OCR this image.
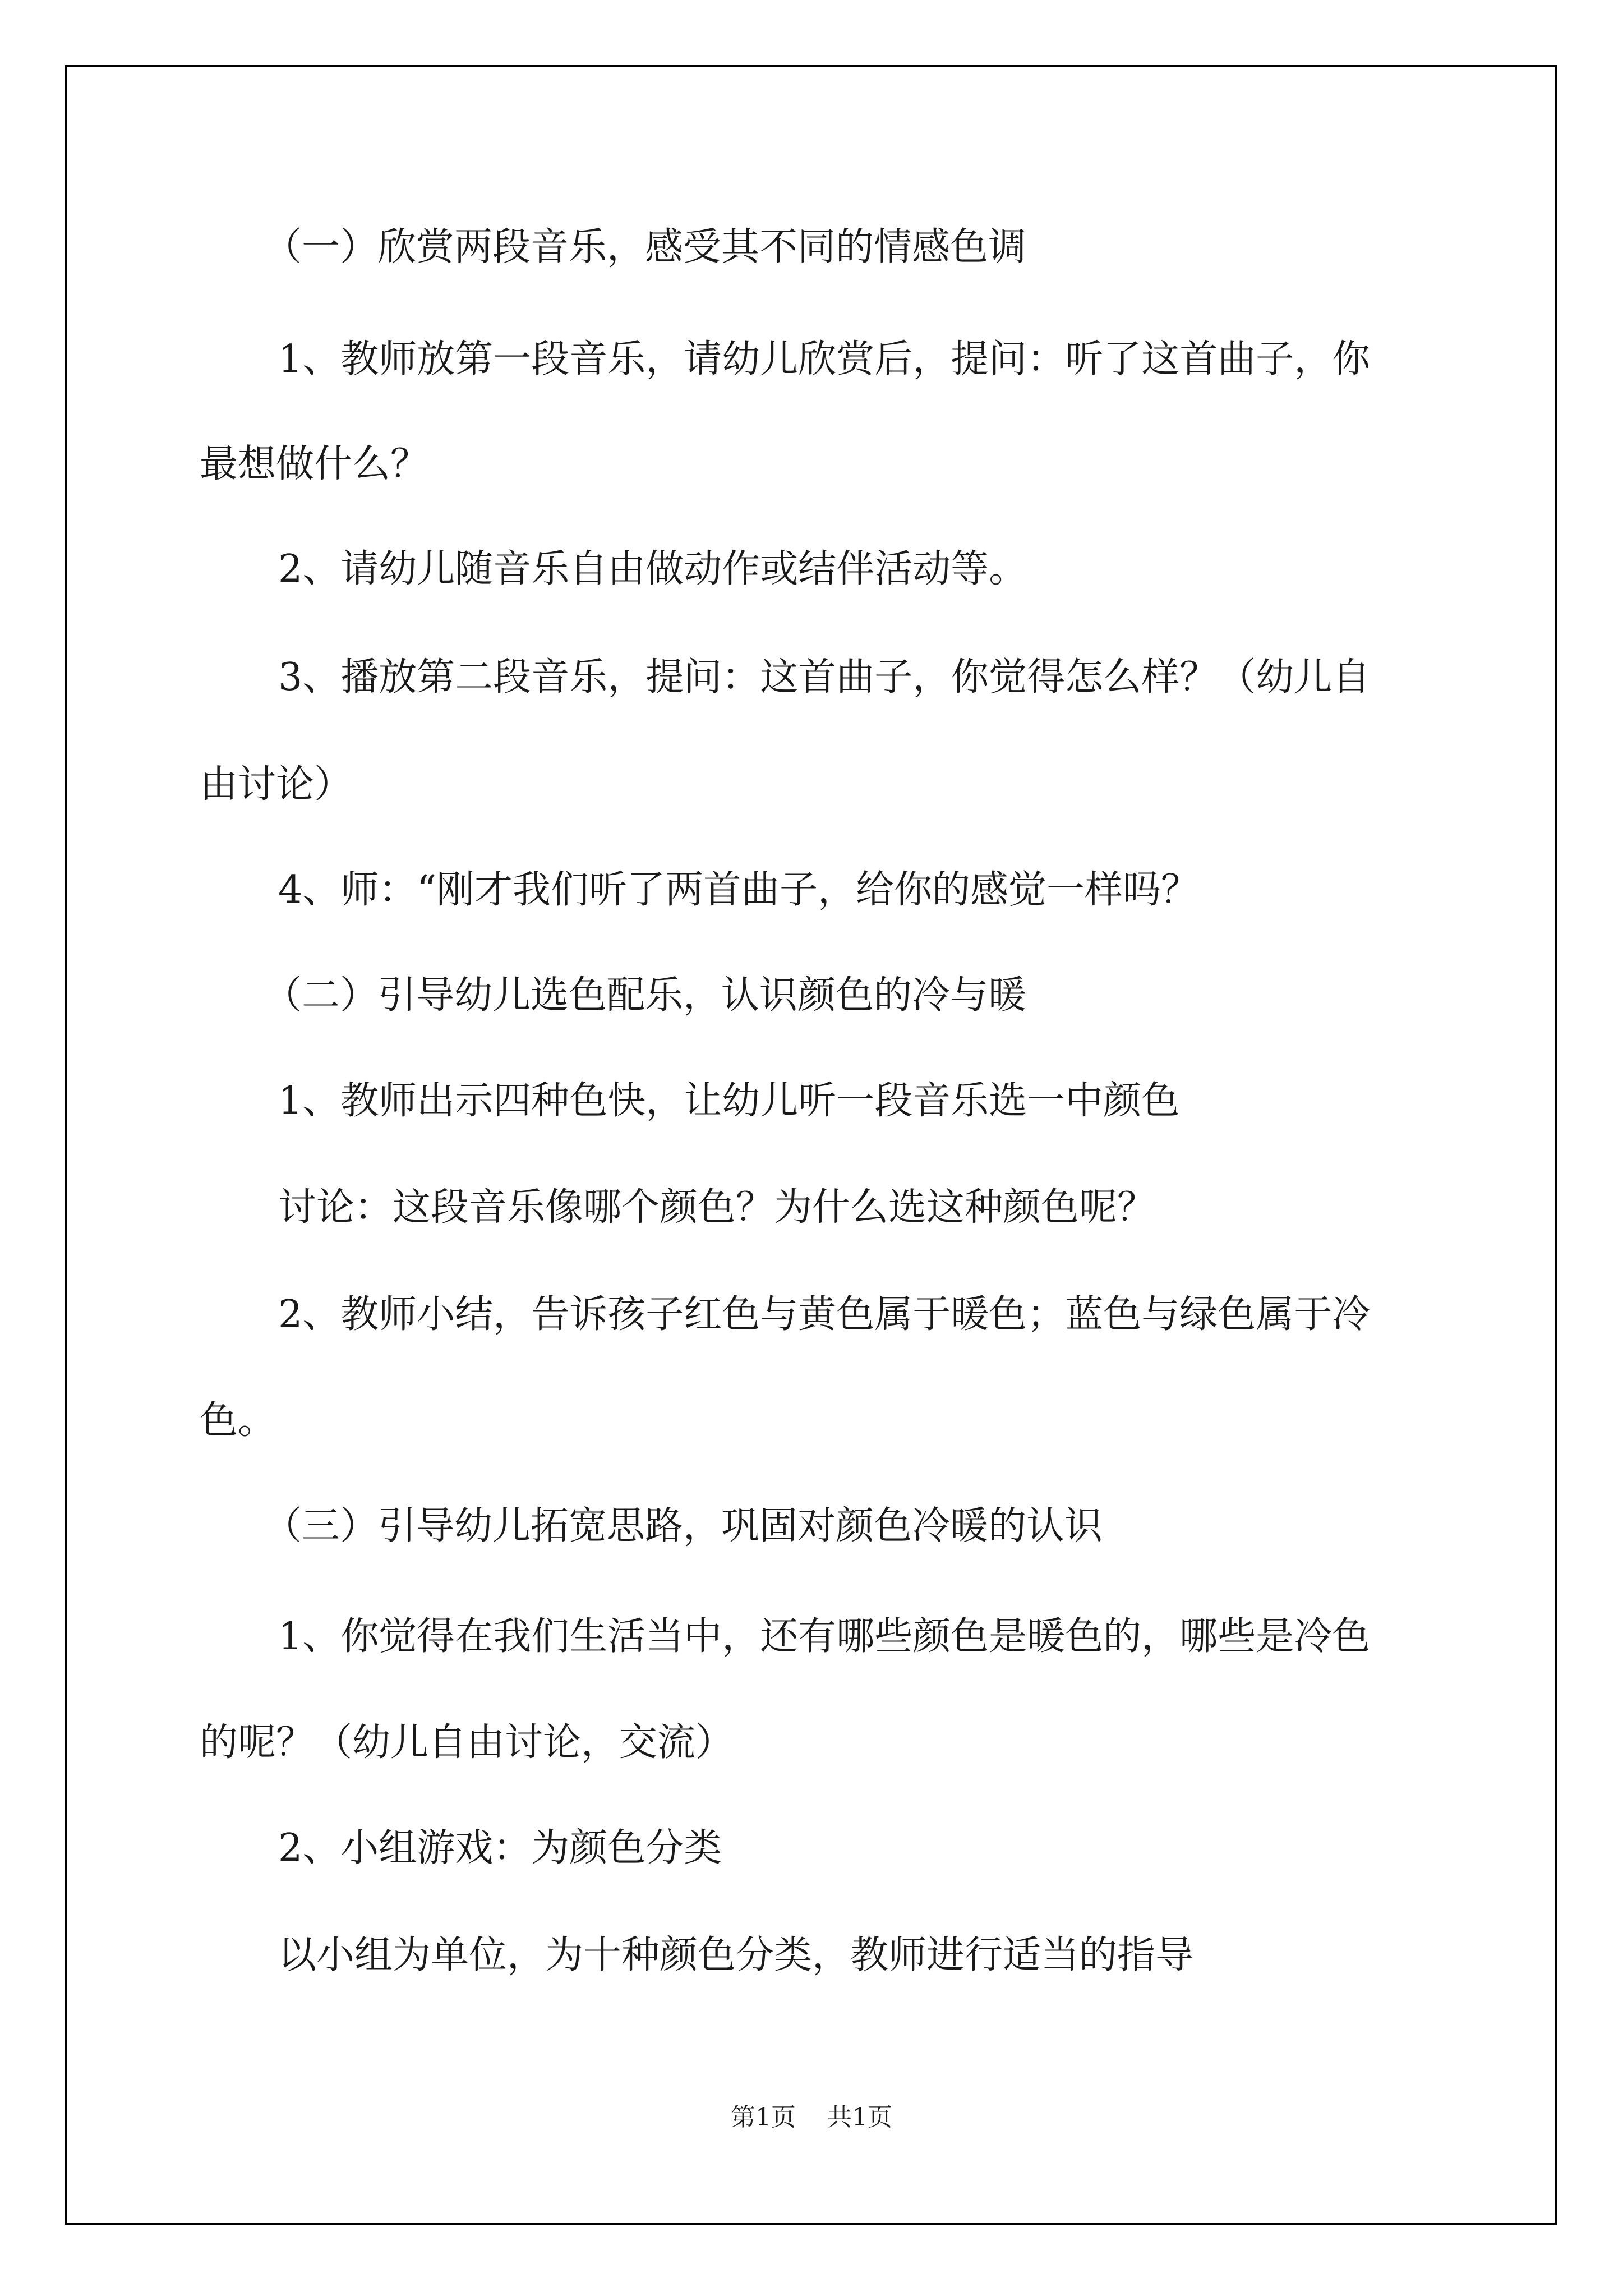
（一）欣赏两段音乐，感受其不同的情感色调
1、教师放第一段音乐，请幼儿欣赏后，提问：听了这首曲子，你
最想做什么？
2、请幼儿随音乐自由做动作或结伴活动等。
3、播放第二段音乐，提问：这首曲子，你觉得怎么样？（幼儿自
由讨论）
4、师：“刚才我们听了两首曲子，给你的感觉一样吗？
（二）引导幼儿选色配乐，认识颜色的冷与暖
1、教师出示四种色快，让幼儿听一段音乐选一中颜色
讨论：这段音乐像哪个颜色？为什么选这种颜色呢？
2、教师小结，告诉孩子红色与黄色属于暖色；蓝色与绿色属于冷
色。
（三）引导幼儿拓宽思路，巩固对颜色冷暖的认识
1、你觉得在我们生活当中，还有哪些颜色是暖色的，哪些是冷色
的呢？（幼儿自由讨论，交流）
2、小组游戏：为颜色分类
以小组为单位，为十种颜色分类，教师进行适当的指导
第1页    共1页
